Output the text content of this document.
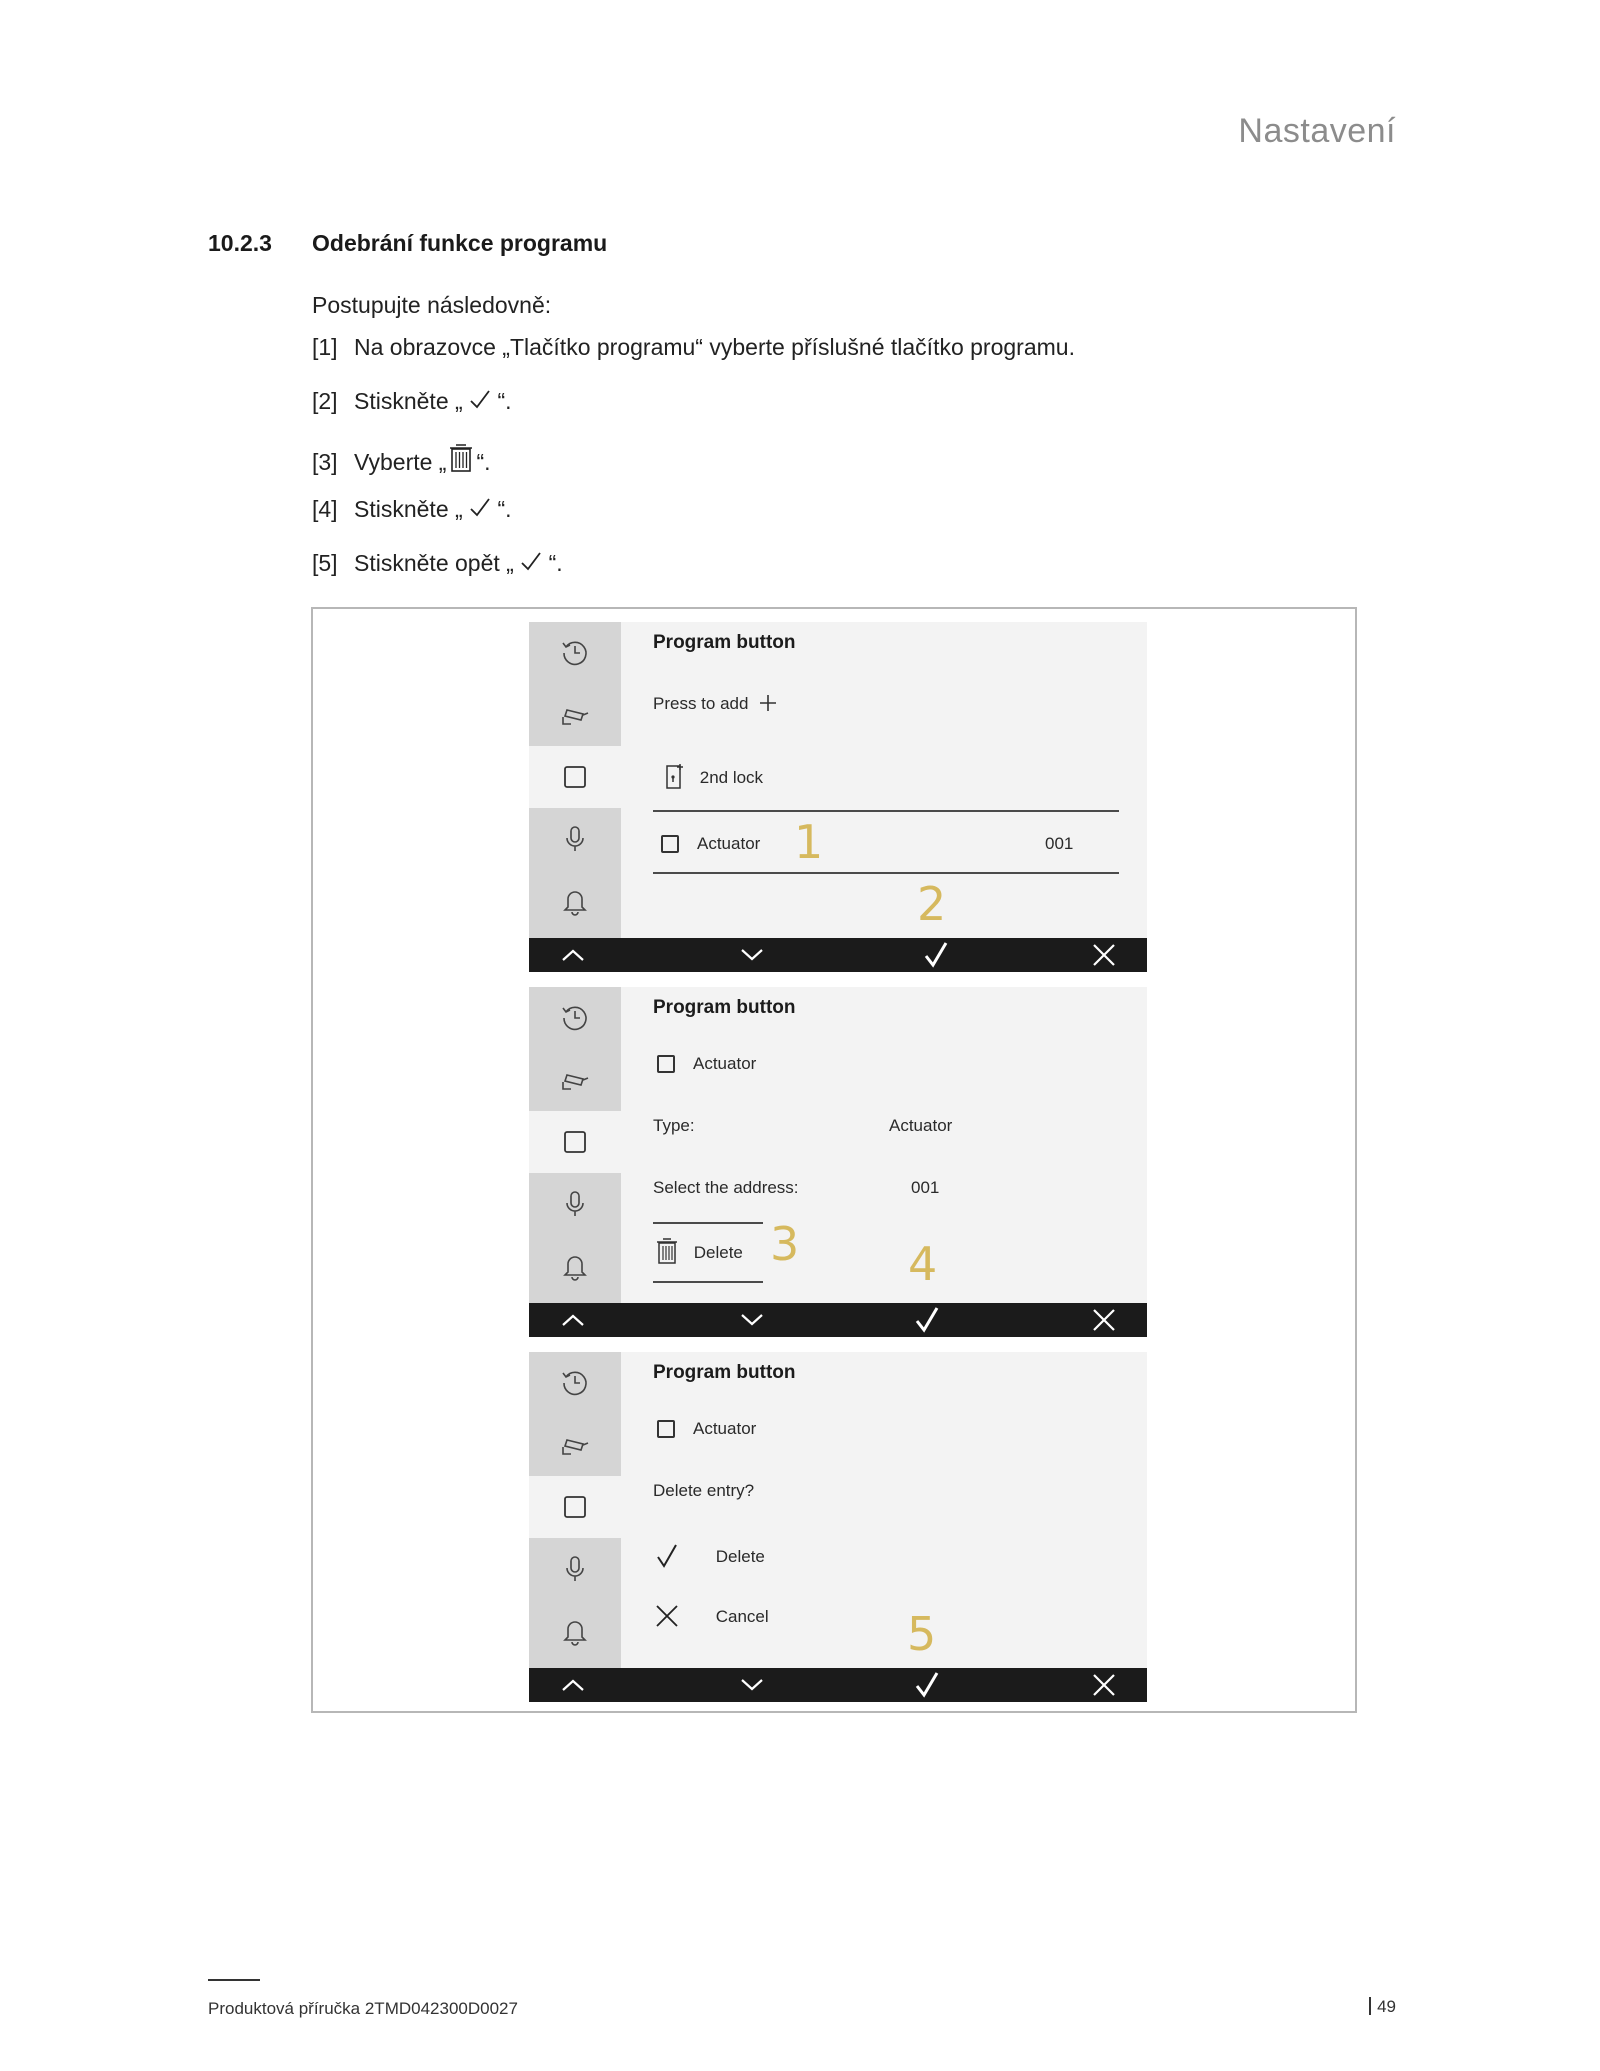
Nastavení
10.2.3 Odebrání funkce programu
Postupujte následovně:
[1] Na obrazovce „Tlačítko programu“ vyberte příslušné tlačítko programu.
[2] Stiskněte „ “.
[3] Vyberte „ “.
[4] Stiskněte „ “.
[5] Stiskněte opět „ “.
Program button
Press to add
2nd lock
Actuator	001
1
2
Program button
Actuator
Type:	Actuator
Select the address:	001
Delete 3 4
Program button
Actuator
Delete entry?
Delete
Cancel	5
Produktová příručka 2TMD042300D0027	49
